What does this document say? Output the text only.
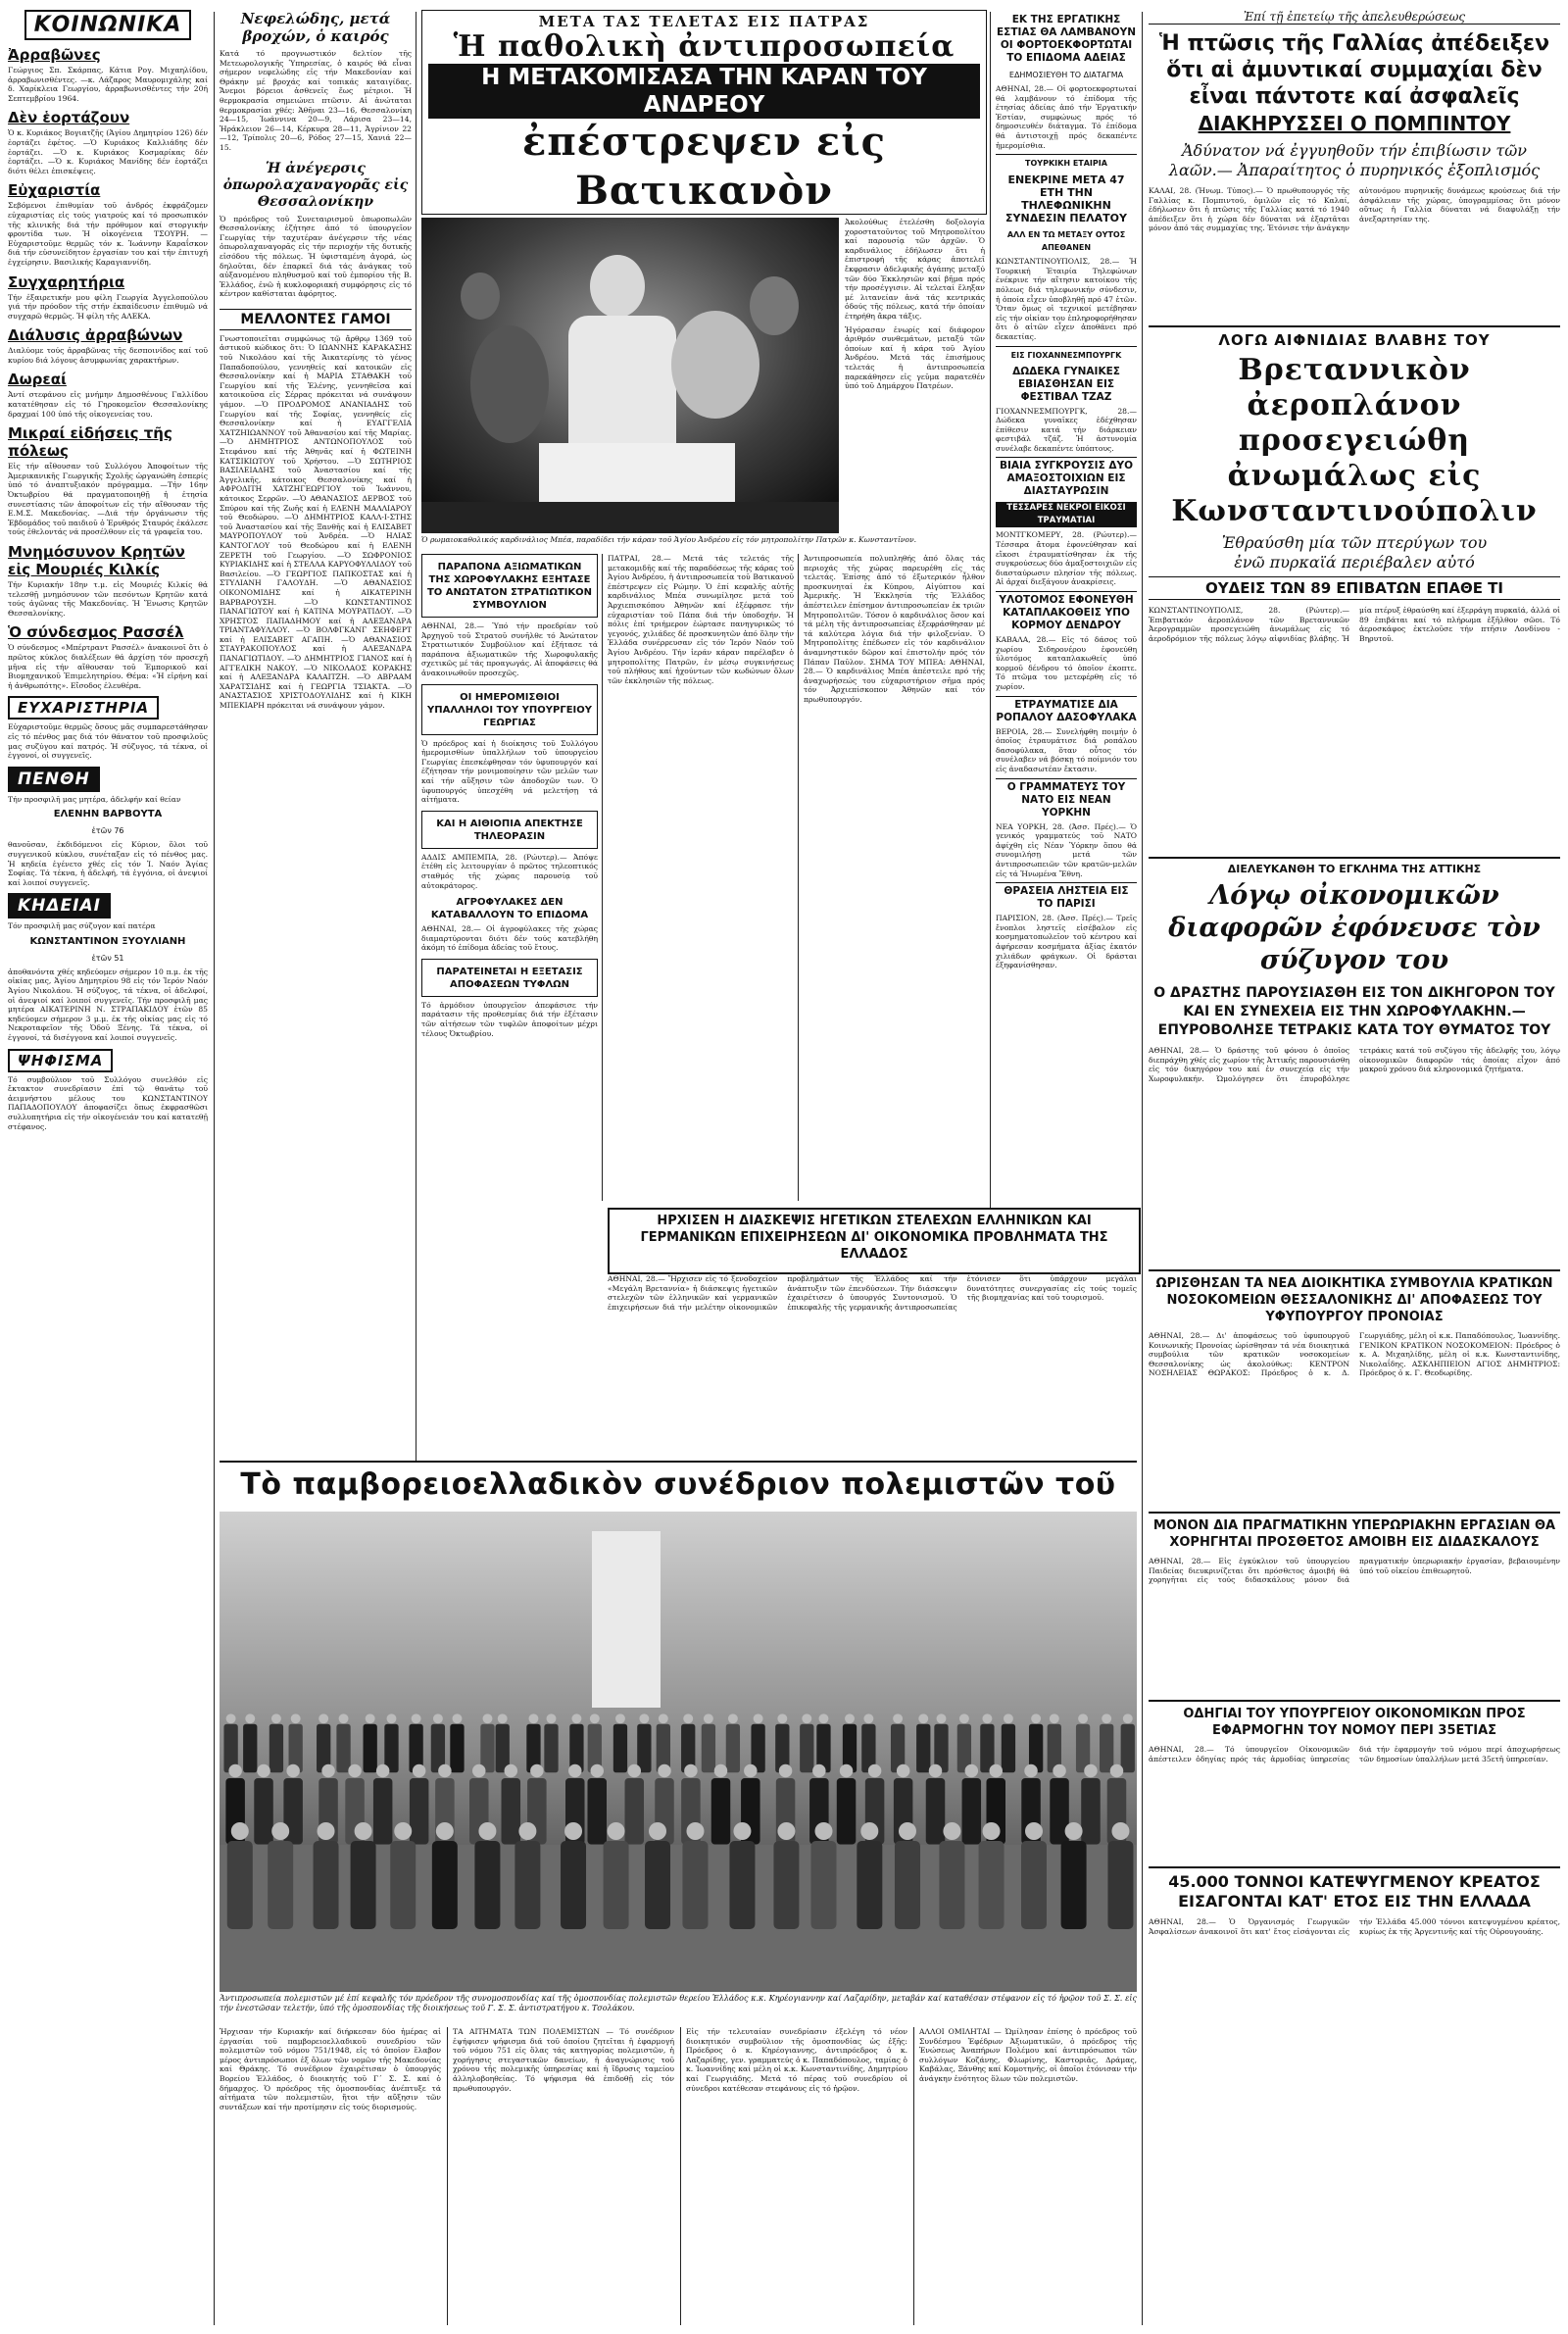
ΚΟΙΝΩΝΙΚΑ
Ἀρραβῶνες

Γεώργιος Σπ. Σκάρπας, Κάτια Ρογ. Μιχαηλίδου, ἀρραβωνισθέντες. —κ. Λάζαρος Μαυρομιχάλης καί δ. Χαρίκλεια Γεωργίου, ἀρραβωνισθέντες τήν 20ή Σεπτεμβρίου 1964.

Δὲν ἑορτάζουν

Ὁ κ. Κυριάκος Βογιατζῆς (Ἀγίου Δημητρίου 126) δέν ἑορτάζει ἐφέτος. —Ὁ Κυριάκος Καλλιάδης δέν ἑορτάζει. —Ὁ κ. Κυριάκος Κοσμαρίκας δέν ἑορτάζει. —Ὁ κ. Κυριάκος Μανίδης δέν ἑορτάζει διότι θέλει ἐπισκέψεις.

Εὐχαριστία

Σεβόμενοι ἐπιθυμίαν τοῦ ἀνδρός ἐκφράζομεν εὐχαριστίας εἰς τούς γιατρούς καί τό προσωπικόν τῆς κλινικῆς διά τήν πρόθυμον καί στοργικήν φροντίδα των. Ἡ οἰκογένεια ΤΣΟΥΡΗ. —Εὐχαριστοῦμε θερμῶς τόν κ. Ἰωάννην Καραΐσκον διά τήν εὐσυνείδητον ἐργασίαν του καί τήν ἐπιτυχή ἐγχείρησιν. Βασιλικής Καραγιαννίδη.

Συγχαρητήρια

Τήν ἐξαιρετικήν μου φίλη Γεωργία Ἀγγελοπούλου γιά τήν πρόοδον τῆς στήν ἐκπαίδευσιν ἐπιθυμῶ νά συγχαρῶ θερμῶς. Ἡ φίλη τῆς ΑΛΕΚΑ.

Διάλυσις ἀρραβώνων

Διαλύομε τούς ἀρραβῶνας τῆς δεσποινίδος καί τοῦ κυρίου διά λόγους ἀσυμφωνίας χαρακτήρων.

Δωρεαί

Ἀντί στεφάνου εἰς μνήμην Δημοσθένους Γαλλίδου κατατέθησαν εἰς τό Γηροκομεῖον Θεσσαλονίκης δραχμαί 100 ὑπό τῆς οἰκογενείας του.

Μικραί εἰδήσεις τῆς πόλεως

Εἰς τήν αἴθουσαν τοῦ Συλλόγου Ἀποφοίτων τῆς Ἀμερικανικῆς Γεωργικῆς Σχολῆς ὡργανώθη ἑσπερίς ὑπό τό ἀναπτυξιακόν πρόγραμμα. —Τήν 16ην Ὀκτωβρίου θά πραγματοποιηθῇ ἡ ἐτησία συνεστίασις τῶν ἀποφοίτων εἰς τήν αἴθουσαν τῆς Ε.Μ.Σ. Μακεδονίας. —Διά τήν ὀργάνωσιν τῆς Ἑβδομάδος τοῦ παιδιοῦ ὁ Ἐρυθρός Σταυρός ἐκάλεσε τούς ἐθελοντάς νά προσέλθουν εἰς τά γραφεῖα του.

Μνημόσυνον Κρητῶν εἰς Μουριές Κιλκίς

Τήν Κυριακήν 18ην τ.μ. εἰς Μουριές Κιλκίς θά τελεσθῇ μνημόσυνον τῶν πεσόντων Κρητῶν κατά τούς ἀγῶνας τῆς Μακεδονίας. Ἡ Ἕνωσις Κρητῶν Θεσσαλονίκης.

Ὁ σύνδεσμος Ρασσέλ

Ὁ σύνδεσμος «Μπέρτραντ Ρασσέλ» ἀνακοινοῖ ὅτι ὁ πρῶτος κύκλος διαλέξεων θά ἀρχίσῃ τόν προσεχῆ μῆνα εἰς τήν αἴθουσαν τοῦ Ἐμπορικοῦ καί Βιομηχανικοῦ Ἐπιμελητηρίου. Θέμα: «Ἡ εἰρήνη καί ἡ ἀνθρωπότης». Εἴσοδος ἐλευθέρα.

ΕΥΧΑΡΙΣΤΗΡΙΑ

Εὐχαριστοῦμε θερμῶς ὅσους μᾶς συμπαρεστάθησαν εἰς τό πένθος μας διά τόν θάνατον τοῦ προσφιλοῦς μας συζύγου καί πατρός. Ἡ σύζυγος, τά τέκνα, οἱ ἐγγονοί, οἱ συγγενεῖς.

ΠΕΝΘΗ

Τήν προσφιλῆ μας μητέρα, ἀδελφήν καί θείαν

ΕΛΕΝΗΝ ΒΑΡΒΟΥΤΑ
ἐτῶν 76

θανοῦσαν, ἐκδιδόμενοι εἰς Κύριον, ὅλοι τοῦ συγγενικοῦ κύκλου, συνέταξαν εἰς τό πένθος μας. Ἡ κηδεία ἐγένετο χθές εἰς τόν Ἱ. Ναόν Ἁγίας Σοφίας. Τά τέκνα, ἡ ἀδελφή, τά ἐγγόνια, οἱ ἀνεψιοί καί λοιποί συγγενεῖς.

ΚΗΔΕΙΑΙ

Τόν προσφιλῆ μας σύζυγον καί πατέρα

ΚΩΝΣΤΑΝΤΙΝΟΝ ΞΥΟΥΛΙΑΝΗ
ἐτῶν 51

ἀποθανόντα χθές κηδεύομεν σήμερον 10 π.μ. ἐκ τῆς οἰκίας μας, Ἀγίου Δημητρίου 98 εἰς τόν Ἱερόν Ναόν Ἁγίου Νικολάου. Ἡ σύζυγος, τά τέκνα, οἱ ἀδελφοί, οἱ ἀνεψιοί καί λοιποί συγγενεῖς. Τήν προσφιλῆ μας μητέρα ΑΙΚΑΤΕΡΙΝΗ Ν. ΣΤΡΑΠΑΚΙΔΟΥ ἐτῶν 85 κηδεύομεν σήμερον 3 μ.μ. ἐκ τῆς οἰκίας μας εἰς τό Νεκροταφεῖον τῆς Ὀδοῦ Ξένης. Τά τέκνα, οἱ ἐγγονοί, τά δισέγγονα καί λοιποί συγγενεῖς.

ΨΗΦΙΣΜΑ

Τό συμβούλιον τοῦ Συλλόγου συνελθόν εἰς ἔκτακτον συνεδρίασιν ἐπί τῷ θανάτῳ τοῦ ἀειμνήστου μέλους του ΚΩΝΣΤΑΝΤΙΝΟΥ ΠΑΠΑΔΟΠΟΥΛΟΥ ἀποφασίζει ὅπως ἐκφρασθῶσι συλλυπητήρια εἰς τήν οἰκογένειάν του καί κατατεθῇ στέφανος.

Νεφελώδης, μετά βροχών, ὁ καιρός

Κατά τό προγνωστικόν δελτίον τῆς Μετεωρολογικῆς Ὑπηρεσίας, ὁ καιρός θά εἶναι σήμερον νεφελώδης εἰς τήν Μακεδονίαν καί Θράκην μέ βροχάς καί τοπικάς καταιγίδας. Ἄνεμοι βόρειοι ἀσθενεῖς ἕως μέτριοι. Ἡ θερμοκρασία σημειώνει πτῶσιν. Αἱ ἀνώταται θερμοκρασίαι χθές: Ἀθῆναι 23—16, Θεσσαλονίκη 24—15, Ἰωάννινα 20—9, Λάρισα 23—14, Ἡράκλειον 26—14, Κέρκυρα 28—11, Ἀγρίνιον 22—12, Τρίπολις 20—6, Ρόδος 27—15, Χανιά 22—15.

Ἡ ἀνέγερσις ὀπωρολαχαναγορᾶς εἰς Θεσσαλονίκην

Ὁ πρόεδρος τοῦ Συνεταιρισμοῦ ὀπωροπωλῶν Θεσσαλονίκης ἐζήτησε ἀπό τό ὑπουργεῖον Γεωργίας τήν ταχυτέραν ἀνέγερσιν τῆς νέας ὀπωρολαχαναγορᾶς εἰς τήν περιοχήν τῆς δυτικῆς εἰσόδου τῆς πόλεως. Ἡ ὑφισταμένη ἀγορά, ὡς δηλοῦται, δέν ἐπαρκεῖ διά τάς ἀνάγκας τοῦ αὐξανομένου πληθυσμοῦ καί τοῦ ἐμπορίου τῆς Β. Ἑλλάδος, ἐνῶ ἡ κυκλοφοριακή συμφόρησις εἰς τό κέντρον καθίσταται ἀφόρητος.

ΜΕΛΛΟΝΤΕΣ ΓΑΜΟΙ

Γνωστοποιεῖται συμφώνως τῷ ἄρθρῳ 1369 τοῦ ἀστικοῦ κώδικος ὅτι: Ὁ ΙΩΑΝΝΗΣ ΚΑΡΑΚΑΣΗΣ τοῦ Νικολάου καί τῆς Ἀικατερίνης τὸ γένος Παπαδοπούλου, γεννηθείς καί κατοικῶν εἰς Θεσσαλονίκην καί ἡ ΜΑΡΙΑ ΣΤΑΘΑΚΗ τοῦ Γεωργίου καί τῆς Ἑλένης, γεννηθεῖσα καί κατοικοῦσα εἰς Σέρρας πρόκειται νά συνάψουν γάμον. —Ὁ ΠΡΟΔΡΟΜΟΣ ΑΝΑΝΙΑΔΗΣ τοῦ Γεωργίου καί τῆς Σοφίας, γεννηθείς εἰς Θεσσαλονίκην καί ἡ ΕΥΑΓΓΕΛΙΑ ΧΑΤΖΗΙΩΑΝΝΟΥ τοῦ Ἀθανασίου καί τῆς Μαρίας. —Ὁ ΔΗΜΗΤΡΙΟΣ ΑΝΤΩΝΟΠΟΥΛΟΣ τοῦ Στεφάνου καί τῆς Ἀθηνᾶς καί ἡ ΦΩΤΕΙΝΗ ΚΑΤΣΙΚΙΩΤΟΥ τοῦ Χρήστου. —Ὁ ΣΩΤΗΡΙΟΣ ΒΑΣΙΛΕΙΑΔΗΣ τοῦ Ἀναστασίου καί τῆς Ἀγγελικῆς, κάτοικος Θεσσαλονίκης καί ἡ ΑΦΡΟΔΙΤΗ ΧΑΤΖΗΓΕΩΡΓΙΟΥ τοῦ Ἰωάννου, κάτοικος Σερρῶν. —Ὁ ΑΘΑΝΑΣΙΟΣ ΔΕΡΒΟΣ τοῦ Σπύρου καί τῆς Ζωῆς καί ἡ ΕΛΕΝΗ ΜΑΛΛΙΑΡΟΥ τοῦ Θεοδώρου. —Ὁ ΔΗΜΗΤΡΙΟΣ ΚΑΛΛ-Ι-ΣΤΗΣ τοῦ Ἀναστασίου καί τῆς Ξανθῆς καί ἡ ΕΛΙΣΑΒΕΤ ΜΑΥΡΟΠΟΥΛΟΥ τοῦ Ἀνδρέα. —Ὁ ΗΛΙΑΣ ΚΑΝΤΟΓΛΟΥ τοῦ Θεοδώρου καί ἡ ΕΛΕΝΗ ΖΕΡΕΤΗ τοῦ Γεωργίου. —Ὁ ΣΩΦΡΟΝΙΟΣ ΚΥΡΙΑΚΙΔΗΣ καί ἡ ΣΤΕΛΛΑ ΚΑΡΥΟΦΥΛΛΙΔΟΥ τοῦ Βασιλείου. —Ὁ ΓΕΩΡΓΙΟΣ ΠΑΠΚΟΣΤΑΣ καί ἡ ΣΤΥΛΙΑΝΗ ΓΑΛΟΥΔΗ. —Ὁ ΑΘΑΝΑΣΙΟΣ ΟΙΚΟΝΟΜΙΔΗΣ καί ἡ ΑΙΚΑΤΕΡΙΝΗ ΒΑΡΒΑΡΟΥΣΗ. —Ὁ ΚΩΝΣΤΑΝΤΙΝΟΣ ΠΑΝΑΓΙΩΤΟΥ καί ἡ ΚΑΤΙΝΑ ΜΟΥΡΑΤΙΔΟΥ. —Ὁ ΧΡΗΣΤΟΣ ΠΑΠΑΔΗΜΟΥ καί ἡ ΑΛΕΞΑΝΔΡΑ ΤΡΙΑΝΤΑΦΥΛΛΟΥ. —Ὁ ΒΟΛΦΓΚΑΝΓ ΣΕΗΦΕΡΤ καί ἡ ΕΛΙΣΑΒΕΤ ΑΓΑΠΗ. —Ὁ ΑΘΑΝΑΣΙΟΣ ΣΤΑΥΡΑΚΟΠΟΥΛΟΣ καί ἡ ΑΛΕΞΑΝΔΡΑ ΠΑΝΑΓΙΩΤΙΔΟΥ. —Ὁ ΔΗΜΗΤΡΙΟΣ ΓΙΑΝΟΣ καί ἡ ΑΓΓΕΛΙΚΗ ΝΑΚΟΥ. —Ὁ ΝΙΚΟΛΑΟΣ ΚΟΡΑΚΗΣ καί ἡ ΑΛΕΞΑΝΔΡΑ ΚΑΛΑΙΤΖΗ. —Ὁ ΑΒΡΑΑΜ ΧΑΡΑΤΣΙΔΗΣ καί ἡ ΓΕΩΡΓΙΑ ΤΣΙΑΚΤΑ. —Ὁ ΑΝΑΣΤΑΣΙΟΣ ΧΡΙΣΤΟΔΟΥΛΙΔΗΣ καί ἡ ΚΙΚΗ ΜΠΕΚΙΑΡΗ πρόκειται νά συνάψουν γάμον.

ΜΕΤΑ ΤΑΣ ΤΕΛΕΤΑΣ ΕΙΣ ΠΑΤΡΑΣ
Ἡ παθολικὴ ἀντιπροσωπεία
Η ΜΕΤΑΚΟΜΙΣΑΣΑ ΤΗΝ ΚΑΡΑΝ ΤΟΥ ΑΝΔΡΕΟΥ
ἐπέστρεψεν εἰς Βατικανὸν
Ὁ ρωμαιοκαθολικός καρδινάλιος Μπέα, παραδίδει τήν κάραν τοῦ Ἁγίου Ἀνδρέου εἰς τόν μητροπολίτην Πατρῶν κ. Κωνσταντῖνον.

Ἀκολούθως ἐτελέσθη δοξολογία χοροστατοῦντος τοῦ Μητροπολίτου καί παρουσίᾳ τῶν ἀρχῶν. Ὁ καρδινάλιος ἐδήλωσεν ὅτι ἡ ἐπιστροφή τῆς κάρας ἀποτελεῖ ἔκφρασιν ἀδελφικῆς ἀγάπης μεταξύ τῶν δύο Ἐκκλησιῶν καί βῆμα πρός τήν προσέγγισιν. Αἱ τελεταί ἔληξαν μέ λιτανείαν ἀνά τάς κεντρικάς ὁδούς τῆς πόλεως, κατά τήν ὁποίαν ἐτηρήθη ἄκρα τάξις.

Ἠγόρασαν ἐνωρίς καί διάφορον ἀριθμόν συνθεμάτων, μεταξύ τῶν ὁποίων καί ἡ κάρα τοῦ Ἁγίου Ἀνδρέου. Μετά τάς ἐπισήμους τελετάς ἡ ἀντιπροσωπεία παρεκάθησεν εἰς γεῦμα παρατεθέν ὑπό τοῦ Δημάρχου Πατρέων.

ΠΑΡΑΠΟΝΑ ΑΞΙΩΜΑΤΙΚΩΝ ΤΗΣ ΧΩΡΟΦΥΛΑΚΗΣ ΕΞΗΤΑΣΕ ΤΟ ΑΝΩΤΑΤΟΝ ΣΤΡΑΤΙΩΤΙΚΟΝ ΣΥΜΒΟΥΛΙΟΝ

ΑΘΗΝΑΙ, 28.— Ὑπό τήν προεδρίαν τοῦ Ἀρχηγοῦ τοῦ Στρατοῦ συνῆλθε τό Ἀνώτατον Στρατιωτικόν Συμβούλιον καί ἐξήτασε τά παράπονα ἀξιωματικῶν τῆς Χωροφυλακῆς σχετικῶς μέ τάς προαγωγάς. Αἱ ἀποφάσεις θά ἀνακοινωθοῦν προσεχῶς.

ΟΙ ΗΜΕΡΟΜΙΣΘΙΟΙ ΥΠΑΛΛΗΛΟΙ ΤΟΥ ΥΠΟΥΡΓΕΙΟΥ ΓΕΩΡΓΙΑΣ

Ὁ πρόεδρος καί ἡ διοίκησις τοῦ Συλλόγου ἡμερομισθίων ὑπαλλήλων τοῦ ὑπουργείου Γεωργίας ἐπεσκέφθησαν τόν ὑφυπουργόν καί ἐζήτησαν τήν μονιμοποίησιν τῶν μελῶν των καί τήν αὔξησιν τῶν ἀποδοχῶν των. Ὁ ὑφυπουργός ὑπεσχέθη νά μελετήσῃ τά αἰτήματα.

ΚΑΙ Η ΑΙΘΙΟΠΙΑ ΑΠΕΚΤΗΣΕ ΤΗΛΕΟΡΑΣΙΝ

ΑΔΔΙΣ ΑΜΠΕΜΠΑ, 28. (Ρώυτερ).— Ἀπόψε ἐτέθη εἰς λειτουργίαν ὁ πρῶτος τηλεοπτικός σταθμός τῆς χώρας παρουσίᾳ τοῦ αὐτοκράτορος.

ΑΓΡΟΦΥΛΑΚΕΣ ΔΕΝ ΚΑΤΑΒΑΛΛΟΥΝ ΤΟ ΕΠΙΔΟΜΑ

ΑΘΗΝΑΙ, 28.— Οἱ ἀγροφύλακες τῆς χώρας διαμαρτύρονται διότι δέν τούς κατεβλήθη ἀκόμη τό ἐπίδομα ἀδείας τοῦ ἔτους.

ΠΑΡΑΤΕΙΝΕΤΑΙ Η ΕΞΕΤΑΣΙΣ ΑΠΟΦΑΣΕΩΝ ΤΥΦΛΩΝ

Τό ἁρμόδιον ὑπουργεῖον ἀπεφάσισε τήν παράτασιν τῆς προθεσμίας διά τήν ἐξέτασιν τῶν αἰτήσεων τῶν τυφλῶν ἀποφοίτων μέχρι τέλους Ὀκτωβρίου.

ΠΑΤΡΑΙ, 28.— Μετά τάς τελετάς τῆς μετακομιδῆς καί τῆς παραδόσεως τῆς κάρας τοῦ Ἁγίου Ἀνδρέου, ἡ ἀντιπροσωπεία τοῦ Βατικανοῦ ἐπέστρεψεν εἰς Ρώμην. Ὁ ἐπί κεφαλῆς αὐτῆς καρδινάλιος Μπέα συνωμίλησε μετά τοῦ Ἀρχιεπισκόπου Ἀθηνῶν καί ἐξέφρασε τήν εὐχαριστίαν τοῦ Πάπα διά τήν ὑποδοχήν. Ἡ πόλις ἐπί τριήμερον ἐώρτασε πανηγυρικῶς τό γεγονός, χιλιάδες δέ προσκυνητῶν ἀπό ὅλην τήν Ἑλλάδα συνέρρευσαν εἰς τόν Ἱερόν Ναόν τοῦ Ἁγίου Ἀνδρέου. Τήν ἱεράν κάραν παρέλαβεν ὁ μητροπολίτης Πατρῶν, ἐν μέσῳ συγκινήσεως τοῦ πλήθους καί ἠχούντων τῶν κωδώνων ὅλων τῶν ἐκκλησιῶν τῆς πόλεως.

Ἀντιπροσωπεία πολυπληθής ἀπό ὅλας τάς περιοχάς τῆς χώρας παρευρέθη εἰς τάς τελετάς. Ἐπίσης ἀπό τό ἐξωτερικόν ἦλθον προσκυνηταί ἐκ Κύπρου, Αἰγύπτου καί Ἀμερικῆς. Ἡ Ἐκκλησία τῆς Ἑλλάδος ἀπέστειλεν ἐπίσημον ἀντιπροσωπείαν ἐκ τριῶν Μητροπολιτῶν. Τόσον ὁ καρδινάλιος ὅσον καί τά μέλη τῆς ἀντιπροσωπείας ἐξεφράσθησαν μέ τά καλύτερα λόγια διά τήν φιλοξενίαν. Ὁ Μητροπολίτης ἐπέδωσεν εἰς τόν καρδινάλιον ἀναμνηστικόν δῶρον καί ἐπιστολήν πρός τόν Πάπαν Παῦλον. ΣΗΜΑ ΤΟΥ ΜΠΕΑ: ΑΘΗΝΑΙ, 28.— Ὁ καρδινάλιος Μπέα ἀπέστειλε πρό τῆς ἀναχωρήσεώς του εὐχαριστήριον σῆμα πρός τόν Ἀρχιεπίσκοπον Ἀθηνῶν καί τόν πρωθυπουργόν.

ΗΡΧΙΣΕΝ Η ΔΙΑΣΚΕΨΙΣ ΗΓΕΤΙΚΩΝ ΣΤΕΛΕΧΩΝ ΕΛΛΗΝΙΚΩΝ ΚΑΙ ΓΕΡΜΑΝΙΚΩΝ ΕΠΙΧΕΙΡΗΣΕΩΝ ΔΙ' ΟΙΚΟΝΟΜΙΚΑ ΠΡΟΒΛΗΜΑΤΑ ΤΗΣ ΕΛΛΑΔΟΣ

ΑΘΗΝΑΙ, 28.— Ἤρχισεν εἰς τό ξενοδοχεῖον «Μεγάλη Βρεταννία» ἡ διάσκεψις ἡγετικῶν στελεχῶν τῶν ἑλληνικῶν καί γερμανικῶν ἐπιχειρήσεων διά τήν μελέτην οἰκονομικῶν προβλημάτων τῆς Ἑλλάδος καί τήν ἀνάπτυξιν τῶν ἐπενδύσεων. Τήν διάσκεψιν ἐχαιρέτισεν ὁ ὑπουργός Συντονισμοῦ. Ὁ ἐπικεφαλῆς τῆς γερμανικῆς ἀντιπροσωπείας ἐτόνισεν ὅτι ὑπάρχουν μεγάλαι δυνατότητες συνεργασίας εἰς τούς τομεῖς τῆς βιομηχανίας καί τοῦ τουρισμοῦ.

ΕΚ ΤΗΣ ΕΡΓΑΤΙΚΗΣ ΕΣΤΙΑΣ ΘΑ ΛΑΜΒΑΝΟΥΝ ΟΙ ΦΟΡΤΟΕΚΦΟΡΤΩΤΑΙ ΤΟ ΕΠΙΔΟΜΑ ΑΔΕΙΑΣ
ΕΔΗΜΟΣΙΕΥΘΗ ΤΟ ΔΙΑΤΑΓΜΑ

ΑΘΗΝΑΙ, 28.— Οἱ φορτοεκφορτωταί θά λαμβάνουν τό ἐπίδομα τῆς ἐτησίας ἀδείας ἀπό τήν Ἐργατικήν Ἑστίαν, συμφώνως πρός τό δημοσιευθέν διάταγμα. Τό ἐπίδομα θά ἀντιστοιχῇ πρός δεκαπέντε ἡμερομίσθια.

ΤΟΥΡΚΙΚΗ ΕΤΑΙΡΙΑ
ΕΝΕΚΡΙΝΕ ΜΕΤΑ 47 ΕΤΗ ΤΗΝ ΤΗΛΕΦΩΝΙΚΗΝ ΣΥΝΔΕΣΙΝ ΠΕΛΑΤΟΥ
ΑΛΛ ΕΝ ΤΩ ΜΕΤΑΞΥ ΟΥΤΟΣ ΑΠΕΘΑΝΕΝ

ΚΩΝΣΤΑΝΤΙΝΟΥΠΟΛΙΣ, 28.— Ἡ Τουρκική Ἑταιρία Τηλεφώνων ἐνέκρινε τήν αἴτησιν κατοίκου τῆς πόλεως διά τηλεφωνικήν σύνδεσιν, ἡ ὁποία εἶχεν ὑποβληθῇ πρό 47 ἐτῶν. Ὅταν ὅμως οἱ τεχνικοί μετέβησαν εἰς τήν οἰκίαν του ἐπληροφορήθησαν ὅτι ὁ αἰτῶν εἶχεν ἀποθάνει πρό δεκαετίας.

ΕΙΣ ΓΙΟΧΑΝΝΕΣΜΠΟΥΡΓΚ
ΔΩΔΕΚΑ ΓΥΝΑΙΚΕΣ ΕΒΙΑΣΘΗΣΑΝ ΕΙΣ ΦΕΣΤΙΒΑΛ ΤΖΑΖ

ΓΙΟΧΑΝΝΕΣΜΠΟΥΡΓΚ, 28.— Δώδεκα γυναῖκες ἐδέχθησαν ἐπίθεσιν κατά τήν διάρκειαν φεστιβάλ τζάζ. Ἡ ἀστυνομία συνέλαβε δεκαπέντε ὑπόπτους.

ΒΙΑΙΑ ΣΥΓΚΡΟΥΣΙΣ ΔΥΟ ΑΜΑΞΟΣΤΟΙΧΙΩΝ ΕΙΣ ΔΙΑΣΤΑΥΡΩΣΙΝ
ΤΕΣΣΑΡΕΣ ΝΕΚΡΟΙ ΕΙΚΟΣΙ ΤΡΑΥΜΑΤΙΑΙ

ΜΟΝΤΓΚΟΜΕΡΥ, 28. (Ρώυτερ).— Τέσσαρα ἄτομα ἐφονεύθησαν καί εἴκοσι ἐτραυματίσθησαν ἐκ τῆς συγκρούσεως δύο ἀμαξοστοιχιῶν εἰς διασταύρωσιν πλησίον τῆς πόλεως. Αἱ ἀρχαί διεξάγουν ἀνακρίσεις.

ΥΛΟΤΟΜΟΣ ΕΦΟΝΕΥΘΗ ΚΑΤΑΠΛΑΚΟΘΕΙΣ ΥΠΟ ΚΟΡΜΟΥ ΔΕΝΔΡΟΥ

ΚΑΒΑΛΑ, 28.— Εἰς τό δάσος τοῦ χωρίου Σιδηρονέρου ἐφονεύθη ὑλοτόμος καταπλακωθείς ὑπό κορμοῦ δένδρου τό ὁποῖον ἐκοπτε. Τό πτῶμα του μετεφέρθη εἰς τό χωρίον.

ΕΤΡΑΥΜΑΤΙΣΕ ΔΙΑ ΡΟΠΑΛΟΥ ΔΑΣΟΦΥΛΑΚΑ

ΒΕΡΟΙΑ, 28.— Συνελήφθη ποιμήν ὁ ὁποῖος ἐτραυμάτισε διά ροπάλου δασοφύλακα, ὅταν οὗτος τόν συνέλαβεν νά βόσκῃ τό ποίμνιόν του εἰς ἀναδασωτέαν ἔκτασιν.

Ο ΓΡΑΜΜΑΤΕΥΣ ΤΟΥ ΝΑΤΟ ΕΙΣ ΝΕΑΝ ΥΟΡΚΗΝ

ΝΕΑ ΥΟΡΚΗ, 28. (Ἀσσ. Πρές).— Ὁ γενικός γραμματεύς τοῦ ΝΑΤΟ ἀφίχθη εἰς Νέαν Ὑόρκην ὅπου θά συνομιλήσῃ μετά τῶν ἀντιπροσωπειῶν τῶν κρατῶν-μελῶν εἰς τά Ἡνωμένα Ἔθνη.

ΘΡΑΣΕΙΑ ΛΗΣΤΕΙΑ ΕΙΣ ΤΟ ΠΑΡΙΣΙ

ΠΑΡΙΣΙΟΝ, 28. (Ἀσσ. Πρές).— Τρεῖς ἔνοπλοι ληστεῖς εἰσέβαλον εἰς κοσμηματοπωλεῖον τοῦ κέντρου καί ἀφήρεσαν κοσμήματα ἀξίας ἑκατόν χιλιάδων φράγκων. Οἱ δράσται ἐξηφανίσθησαν.

Ἐπί τῇ ἐπετείῳ τῆς ἀπελευθερώσεως
Ἡ πτῶσις τῆς Γαλλίας ἀπέδειξεν ὅτι αἱ ἀμυντικαί συμμαχίαι δὲν εἶναι πάντοτε καί ἀσφαλεῖς
ΔΙΑΚΗΡΥΣΣΕΙ Ο ΠΟΜΠΙΝΤΟΥ
Ἀδύνατον νά ἐγγυηθοῦν τήν ἐπιβίωσιν τῶν λαῶν.— Ἀπαραίτητος ὁ πυρηνικός ἐξοπλισμός

ΚΑΛΑΙ, 28. (Ἠνωμ. Τύπος).— Ὁ πρωθυπουργός τῆς Γαλλίας κ. Πομπιντού, ὁμιλῶν εἰς τό Καλαί, ἐδήλωσεν ὅτι ἡ πτῶσις τῆς Γαλλίας κατά τό 1940 ἀπέδειξεν ὅτι ἡ χώρα δέν δύναται νά ἐξαρτᾶται μόνον ἀπό τάς συμμαχίας της. Ἐτόνισε τήν ἀνάγκην αὐτονόμου πυρηνικῆς δυνάμεως κρούσεως διά τήν ἀσφάλειαν τῆς χώρας, ὑπογραμμίσας ὅτι μόνον οὕτως ἡ Γαλλία δύναται νά διαφυλάξῃ τήν ἀνεξαρτησίαν της.

ΛΟΓΩ ΑΙΦΝΙΔΙΑΣ ΒΛΑΒΗΣ ΤΟΥ
Βρεταννικὸν ἀεροπλάνον προσεγειώθη ἀνωμάλως εἰς Κωνσταντινούπολιν
Ἐθραύσθη μία τῶν πτερύγων του
ἐνῶ πυρκαϊά περιέβαλεν αὐτό
ΟΥΔΕΙΣ ΤΩΝ 89 ΕΠΙΒΑΤΩΝ ΕΠΑΘΕ ΤΙ

ΚΩΝΣΤΑΝΤΙΝΟΥΠΟΛΙΣ, 28. (Ρώυτερ).— Ἐπιβατικόν ἀεροπλάνον τῶν Βρεταννικῶν Ἀερογραμμῶν προσεγειώθη ἀνωμάλως εἰς τό ἀεροδρόμιον τῆς πόλεως λόγῳ αἰφνιδίας βλάβης. Ἡ μία πτέρυξ ἐθραύσθη καί ἐξερράγη πυρκαϊά, ἀλλά οἱ 89 ἐπιβάται καί τό πλήρωμα ἐξῆλθον σῶοι. Τό ἀεροσκάφος ἐκτελοῦσε τήν πτῆσιν Λονδίνου - Βηρυτοῦ.

ΔΙΕΛΕΥΚΑΝΘΗ ΤΟ ΕΓΚΛΗΜΑ ΤΗΣ ΑΤΤΙΚΗΣ
Λόγῳ οἰκονομικῶν διαφορῶν ἐφόνευσε τὸν σύζυγον του
Ο ΔΡΑΣΤΗΣ ΠΑΡΟΥΣΙΑΣΘΗ ΕΙΣ ΤΟΝ ΔΙΚΗΓΟΡΟΝ ΤΟΥ ΚΑΙ ΕΝ ΣΥΝΕΧΕΙΑ ΕΙΣ ΤΗΝ ΧΩΡΟΦΥΛΑΚΗΝ.— ΕΠΥΡΟΒΟΛΗΣΕ ΤΕΤΡΑΚΙΣ ΚΑΤΑ ΤΟΥ ΘΥΜΑΤΟΣ ΤΟΥ

ΑΘΗΝΑΙ, 28.— Ὁ δράστης τοῦ φόνου ὁ ὁποῖος διεπράχθη χθές εἰς χωρίον τῆς Ἀττικῆς παρουσιάσθη εἰς τόν δικηγόρον του καί ἐν συνεχείᾳ εἰς τήν Χωροφυλακήν. Ὡμολόγησεν ὅτι ἐπυροβόλησε τετράκις κατά τοῦ συζύγου τῆς ἀδελφῆς του, λόγῳ οἰκονομικῶν διαφορῶν τάς ὁποίας εἶχον ἀπό μακροῦ χρόνου διά κληρονομικά ζητήματα.

ΩΡΙΣΘΗΣΑΝ ΤΑ ΝΕΑ ΔΙΟΙΚΗΤΙΚΑ ΣΥΜΒΟΥΛΙΑ ΚΡΑΤΙΚΩΝ ΝΟΣΟΚΟΜΕΙΩΝ ΘΕΣΣΑΛΟΝΙΚΗΣ ΔΙ' ΑΠΟΦΑΣΕΩΣ ΤΟΥ ΥΦΥΠΟΥΡΓΟΥ ΠΡΟΝΟΙΑΣ

ΑΘΗΝΑΙ, 28.— Δι' ἀποφάσεως τοῦ ὑφυπουργοῦ Κοινωνικῆς Προνοίας ὡρίσθησαν τά νέα διοικητικά συμβούλια τῶν κρατικῶν νοσοκομείων Θεσσαλονίκης ὡς ἀκολούθως: ΚΕΝΤΡΟΝ ΝΟΣΗΛΕΙΑΣ ΘΩΡΑΚΟΣ: Πρόεδρος ὁ κ. Δ. Γεωργιάδης, μέλη οἱ κ.κ. Παπαδόπουλος, Ἰωαννίδης. ΓΕΝΙΚΟΝ ΚΡΑΤΙΚΟΝ ΝΟΣΟΚΟΜΕΙΟΝ: Πρόεδρος ὁ κ. Α. Μιχαηλίδης, μέλη οἱ κ.κ. Κωνσταντινίδης, Νικολαΐδης. ΑΣΚΛΗΠΙΕΙΟΝ ΑΓΙΟΣ ΔΗΜΗΤΡΙΟΣ: Πρόεδρος ὁ κ. Γ. Θεοδωρίδης.

ΜΟΝΟΝ ΔΙΑ ΠΡΑΓΜΑΤΙΚΗΝ ΥΠΕΡΩΡΙΑΚΗΝ ΕΡΓΑΣΙΑΝ ΘΑ ΧΟΡΗΓΗΤΑΙ ΠΡΟΣΘΕΤΟΣ ΑΜΟΙΒΗ ΕΙΣ ΔΙΔΑΣΚΑΛΟΥΣ

ΑΘΗΝΑΙ, 28.— Εἰς ἐγκύκλιον τοῦ ὑπουργείου Παιδείας διευκρινίζεται ὅτι πρόσθετος ἀμοιβή θά χορηγῆται εἰς τούς διδασκάλους μόνον διά πραγματικήν ὑπερωριακήν ἐργασίαν, βεβαιουμένην ὑπό τοῦ οἰκείου ἐπιθεωρητοῦ.

ΟΔΗΓΙΑΙ ΤΟΥ ΥΠΟΥΡΓΕΙΟΥ ΟΙΚΟΝΟΜΙΚΩΝ ΠΡΟΣ ΕΦΑΡΜΟΓΗΝ ΤΟΥ ΝΟΜΟΥ ΠΕΡΙ 35ΕΤΙΑΣ

ΑΘΗΝΑΙ, 28.— Τό ὑπουργεῖον Οἰκονομικῶν ἀπέστειλεν ὁδηγίας πρός τάς ἁρμοδίας ὑπηρεσίας διά τήν ἐφαρμογήν τοῦ νόμου περί ἀποχωρήσεως τῶν δημοσίων ὑπαλλήλων μετά 35ετῆ ὑπηρεσίαν.

45.000 ΤΟΝΝΟΙ ΚΑΤΕΨΥΓΜΕΝΟΥ ΚΡΕΑΤΟΣ ΕΙΣΑΓΟΝΤΑΙ ΚΑΤ' ΕΤΟΣ ΕΙΣ ΤΗΝ ΕΛΛΑΔΑ

ΑΘΗΝΑΙ, 28.— Ὁ Ὀργανισμός Γεωργικῶν Ἀσφαλίσεων ἀνακοινοῖ ὅτι κατ' ἔτος εἰσάγονται εἰς τήν Ἑλλάδα 45.000 τόννοι κατεψυγμένου κρέατος, κυρίως ἐκ τῆς Ἀργεντινῆς καί τῆς Οὐρουγουάης.

Τὸ παμβορειοελλαδικὸν συνέδριον πολεμιστῶν τοῦ
Ἀντιπροσωπεία πολεμιστῶν μέ ἐπί κεφαλῆς τόν πρόεδρον τῆς συνομοσπονδίας καί τῆς ὁμοσπονδίας πολεμιστῶν θερείου Ἑλλάδος κ.κ. Κηρέογιαννην καί Λαζαρίδην, μεταβάν καί καταθέσαν στέφανον εἰς τό ἡρῷον τοῦ Σ. Σ. εἰς τήν ἐνεστῶσαν τελετήν, ὑπό τῆς ὁμοσπονδίας τῆς διοικήσεως τοῦ Γ. Σ. Σ. ἀντιστρατήγου κ. Τσολάκου.

Ἠρχισαν τήν Κυριακήν καί διήρκεσαν δύο ἡμέρας αἱ ἐργασίαι τοῦ παμβορειοελλαδικοῦ συνεδρίου τῶν πολεμιστῶν τοῦ νόμου 751/1948, εἰς τό ὁποῖον ἔλαβον μέρος ἀντιπρόσωποι ἐξ ὅλων τῶν νομῶν τῆς Μακεδονίας καί Θράκης. Τό συνέδριον ἐχαιρέτισαν ὁ ὑπουργός Βορείου Ἑλλάδος, ὁ διοικητής τοῦ Γ΄ Σ. Σ. καί ὁ δήμαρχος. Ὁ πρόεδρος τῆς ὁμοσπονδίας ἀνέπτυξε τά αἰτήματα τῶν πολεμιστῶν, ἤτοι τήν αὔξησιν τῶν συντάξεων καί τήν προτίμησιν εἰς τούς διορισμούς.

ΤΑ ΑΙΤΗΜΑΤΑ ΤΩΝ ΠΟΛΕΜΙΣΤΩΝ — Τό συνέδριον ἐψήφισεν ψήφισμα διά τοῦ ὁποίου ζητεῖται ἡ ἐφαρμογή τοῦ νόμου 751 εἰς ὅλας τάς κατηγορίας πολεμιστῶν, ἡ χορήγησις στεγαστικῶν δανείων, ἡ ἀναγνώρισις τοῦ χρόνου τῆς πολεμικῆς ὑπηρεσίας καί ἡ ἵδρυσις ταμείου ἀλληλοβοηθείας. Τό ψήφισμα θά ἐπιδοθῇ εἰς τόν πρωθυπουργόν.

Εἰς τήν τελευταίαν συνεδρίασιν ἐξελέγη τό νέον διοικητικόν συμβούλιον τῆς ὁμοσπονδίας ὡς ἑξῆς: Πρόεδρος ὁ κ. Κηρέογιαννης, ἀντιπρόεδρος ὁ κ. Λαζαρίδης, γεν. γραμματεύς ὁ κ. Παπαδόπουλος, ταμίας ὁ κ. Ἰωαννίδης καί μέλη οἱ κ.κ. Κωνσταντινίδης, Δημητρίου καί Γεωργιάδης. Μετά τό πέρας τοῦ συνεδρίου οἱ σύνεδροι κατέθεσαν στεφάνους εἰς τό ἡρῷον.

ΑΛΛΟΙ ΟΜΙΛΗΤΑΙ — Ὡμίλησαν ἐπίσης ὁ πρόεδρος τοῦ Συνδέσμου Ἐφέδρων Ἀξιωματικῶν, ὁ πρόεδρος τῆς Ἑνώσεως Ἀναπήρων Πολέμου καί ἀντιπρόσωποι τῶν συλλόγων Κοζάνης, Φλωρίνης, Καστοριᾶς, Δράμας, Καβάλας, Ξάνθης καί Κομοτηνῆς, οἱ ὁποῖοι ἐτόνισαν τήν ἀνάγκην ἑνότητος ὅλων τῶν πολεμιστῶν.
